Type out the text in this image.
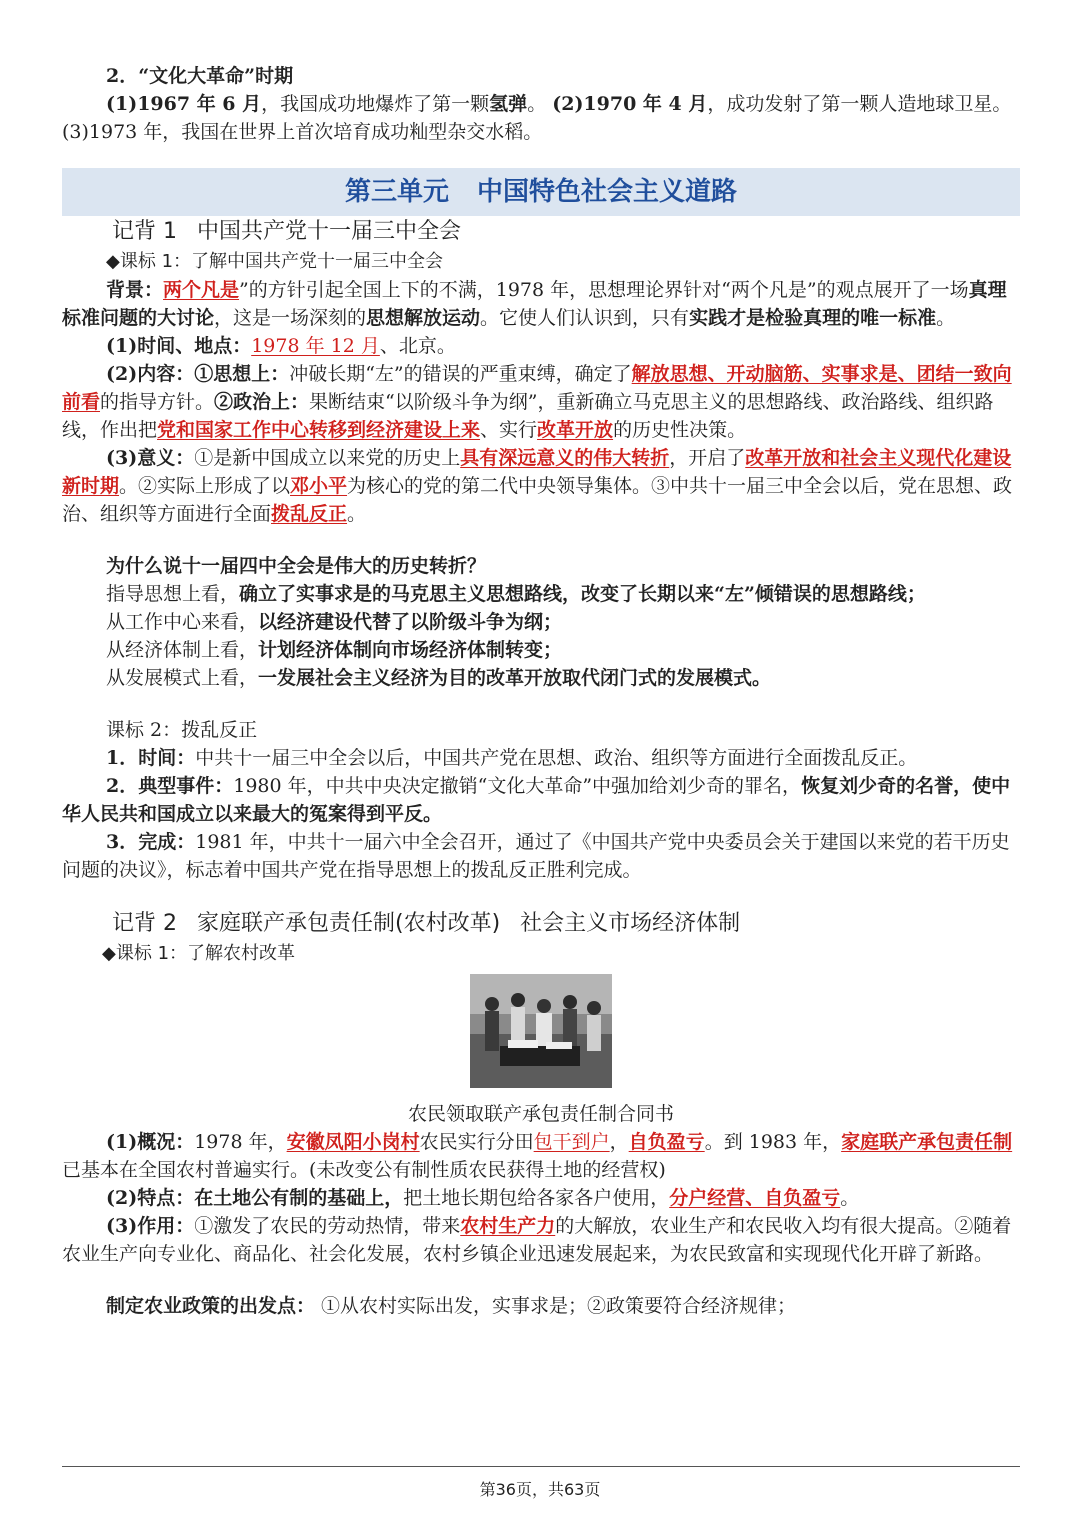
2．“文化大革命”时期

(1)1967 年 6 月，我国成功地爆炸了第一颗氢弹。 (2)1970 年 4 月，成功发射了第一颗人造地球卫星。 (3)1973 年，我国在世界上首次培育成功籼型杂交水稻。

第三单元 中国特色社会主义道路
记背 1 中国共产党十一届三中全会

◆课标 1：了解中国共产党十一届三中全会

背景：两个凡是”的方针引起全国上下的不满，1978 年，思想理论界针对“两个凡是”的观点展开了一场真理标准问题的大讨论，这是一场深刻的思想解放运动。它使人们认识到，只有实践才是检验真理的唯一标准。

(1)时间、地点：1978 年 12 月、北京。

(2)内容：①思想上：冲破长期“左”的错误的严重束缚，确定了解放思想、开动脑筋、实事求是、团结一致向前看的指导方针。②政治上：果断结束“以阶级斗争为纲”，重新确立马克思主义的思想路线、政治路线、组织路线，作出把党和国家工作中心转移到经济建设上来、实行改革开放的历史性决策。

(3)意义：①是新中国成立以来党的历史上具有深远意义的伟大转折，开启了改革开放和社会主义现代化建设新时期。②实际上形成了以邓小平为核心的党的第二代中央领导集体。③中共十一届三中全会以后，党在思想、政治、组织等方面进行全面拨乱反正。

为什么说十一届四中全会是伟大的历史转折？

指导思想上看，确立了实事求是的马克思主义思想路线，改变了长期以来“左”倾错误的思想路线；

从工作中心来看，以经济建设代替了以阶级斗争为纲；

从经济体制上看，计划经济体制向市场经济体制转变；

从发展模式上看，一发展社会主义经济为目的改革开放取代闭门式的发展模式。

课标 2：拨乱反正

1．时间：中共十一届三中全会以后，中国共产党在思想、政治、组织等方面进行全面拨乱反正。

2．典型事件：1980 年，中共中央决定撤销“文化大革命”中强加给刘少奇的罪名，恢复刘少奇的名誉，使中华人民共和国成立以来最大的冤案得到平反。

3．完成：1981 年，中共十一届六中全会召开，通过了《中国共产党中央委员会关于建国以来党的若干历史问题的决议》，标志着中国共产党在指导思想上的拨乱反正胜利完成。

记背 2 家庭联产承包责任制(农村改革) 社会主义市场经济体制

◆课标 1：了解农村改革

农民领取联产承包责任制合同书

(1)概况：1978 年，安徽凤阳小岗村农民实行分田包干到户，自负盈亏。到 1983 年，家庭联产承包责任制已基本在全国农村普遍实行。(未改变公有制性质农民获得土地的经营权)

(2)特点：在土地公有制的基础上，把土地长期包给各家各户使用，分户经营、自负盈亏。

(3)作用：①激发了农民的劳动热情，带来农村生产力的大解放，农业生产和农民收入均有很大提高。②随着农业生产向专业化、商品化、社会化发展，农村乡镇企业迅速发展起来，为农民致富和实现现代化开辟了新路。

制定农业政策的出发点： ①从农村实际出发，实事求是；②政策要符合经济规律；

第36页，共63页
